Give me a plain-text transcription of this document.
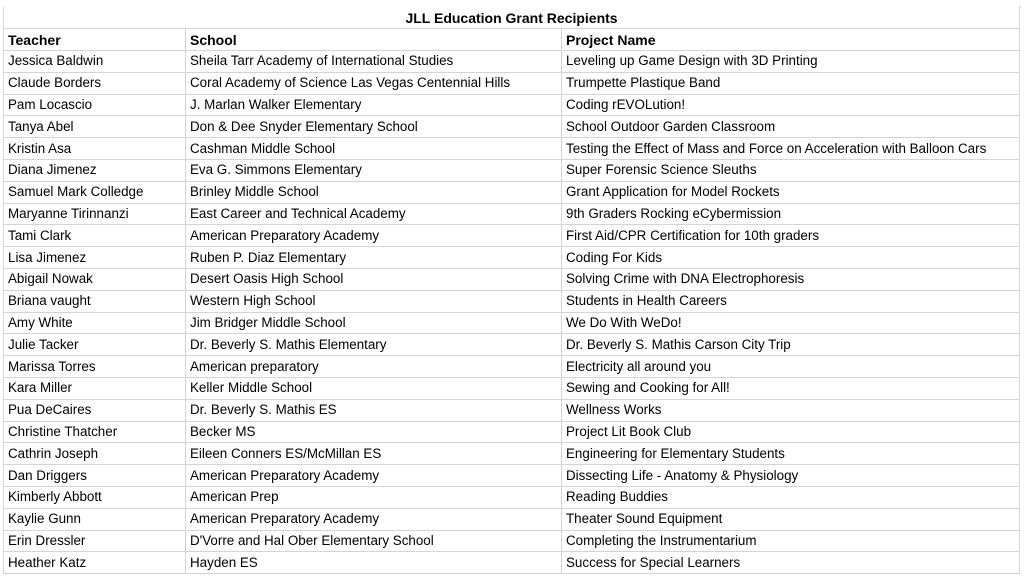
JLL Education Grant Recipients		
Teacher	School	Project Name
Jessica Baldwin	Sheila Tarr Academy of International Studies	Leveling up Game Design with 3D Printing
Claude Borders	Coral Academy of Science Las Vegas Centennial Hills	Trumpette Plastique Band
Pam Locascio	J. Marlan Walker Elementary	Coding rEVOLution!
Tanya Abel	Don & Dee Snyder Elementary School	School Outdoor Garden Classroom
Kristin Asa	Cashman Middle School	Testing the Effect of Mass and Force on Acceleration with Balloon Cars
Diana Jimenez	Eva G. Simmons Elementary	Super Forensic Science Sleuths
Samuel Mark Colledge	Brinley Middle School	Grant Application for Model Rockets
Maryanne Tirinnanzi	East Career and Technical Academy	9th Graders Rocking eCybermission
Tami Clark	American Preparatory Academy	First Aid/CPR Certification for 10th graders
Lisa Jimenez	Ruben P. Diaz Elementary	Coding For Kids
Abigail Nowak	Desert Oasis High School	Solving Crime with DNA Electrophoresis
Briana vaught	Western High School	Students in Health Careers
Amy White	Jim Bridger Middle School	We Do With WeDo!
Julie Tacker	Dr. Beverly S. Mathis Elementary	Dr. Beverly S. Mathis Carson City Trip
Marissa Torres	American preparatory	Electricity all around you
Kara Miller	Keller Middle School	Sewing and Cooking for All!
Pua DeCaires	Dr. Beverly S. Mathis ES	Wellness Works
Christine Thatcher	Becker MS	Project Lit Book Club
Cathrin Joseph	Eileen Conners ES/McMillan ES	Engineering for Elementary Students
Dan Driggers	American Preparatory Academy	Dissecting Life - Anatomy & Physiology
Kimberly Abbott	American Prep	Reading Buddies
Kaylie Gunn	American Preparatory Academy	Theater Sound Equipment
Erin Dressler	D'Vorre and Hal Ober Elementary School	Completing the Instrumentarium
Heather Katz	Hayden ES	Success for Special Learners
